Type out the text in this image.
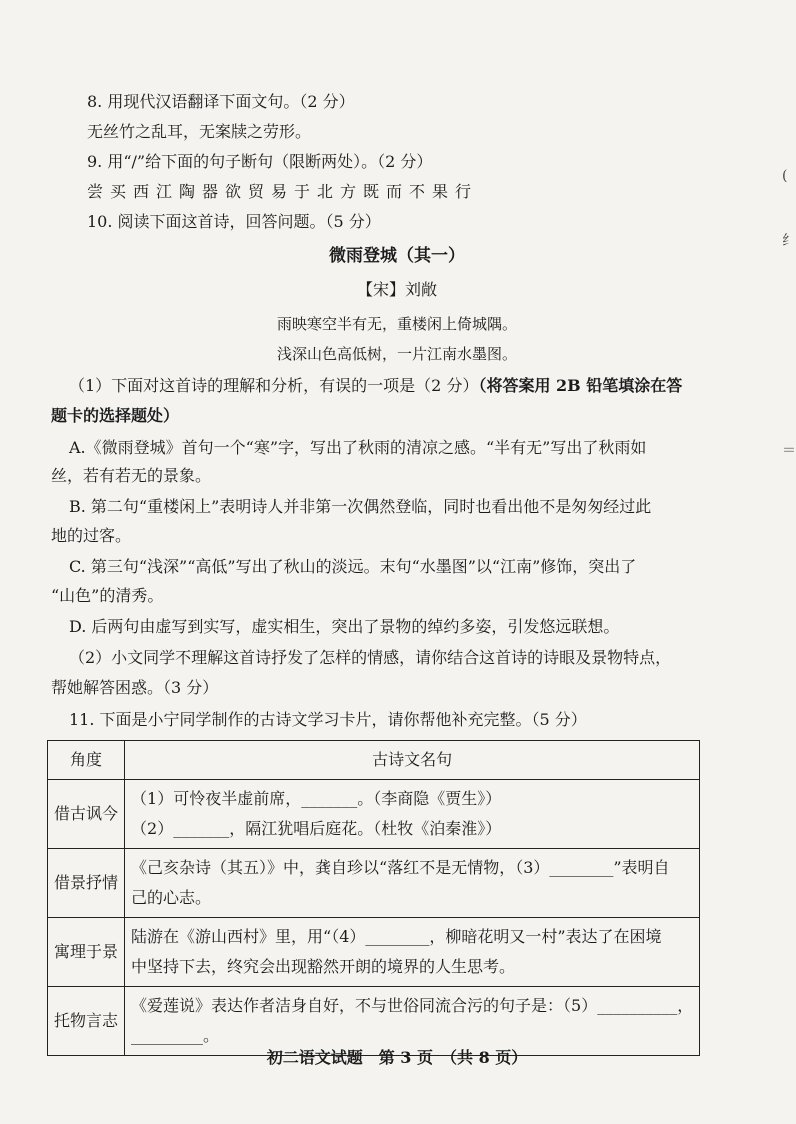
8. 用现代汉语翻译下面文句。（2 分）
无丝竹之乱耳，无案牍之劳形。
9. 用“/”给下面的句子断句（限断两处）。（2 分）
尝买西江陶器欲贸易于北方既而不果行
10. 阅读下面这首诗，回答问题。（5 分）
微雨登城（其一）
【宋】刘敞
雨映寒空半有无，重楼闲上倚城隅。
浅深山色高低树，一片江南水墨图。
（1）下面对这首诗的理解和分析，有误的一项是（2 分）（将答案用 2B 铅笔填涂在答
题卡的选择题处）
A.《微雨登城》首句一个“寒”字，写出了秋雨的清凉之感。“半有无”写出了秋雨如
丝，若有若无的景象。
B. 第二句“重楼闲上”表明诗人并非第一次偶然登临，同时也看出他不是匆匆经过此
地的过客。
C. 第三句“浅深”“高低”写出了秋山的淡远。末句“水墨图”以“江南”修饰，突出了
“山色”的清秀。
D. 后两句由虚写到实写，虚实相生，突出了景物的绰约多姿，引发悠远联想。
（2）小文同学不理解这首诗抒发了怎样的情感，请你结合这首诗的诗眼及景物特点，
帮她解答困惑。（3 分）
11. 下面是小宁同学制作的古诗文学习卡片，请你帮他补充完整。（5 分）
角度	古诗文名句
借古讽今	（1）可怜夜半虚前席，_______。（李商隐《贾生》）
（2）_______，隔江犹唱后庭花。（杜牧《泊秦淮》）

借景抒情	《己亥杂诗（其五）》中，龚自珍以“落红不是无情物，（3）________”表明自
己的心志。

寓理于景	陆游在《游山西村》里，用“（4）________，柳暗花明又一村”表达了在困境
中坚持下去，终究会出现豁然开朗的境界的人生思考。

托物言志	《爱莲说》表达作者洁身自好，不与世俗同流合污的句子是：（5）__________，
_________。
初二语文试题　第 3 页　（共 8 页）
(
纟
＝
